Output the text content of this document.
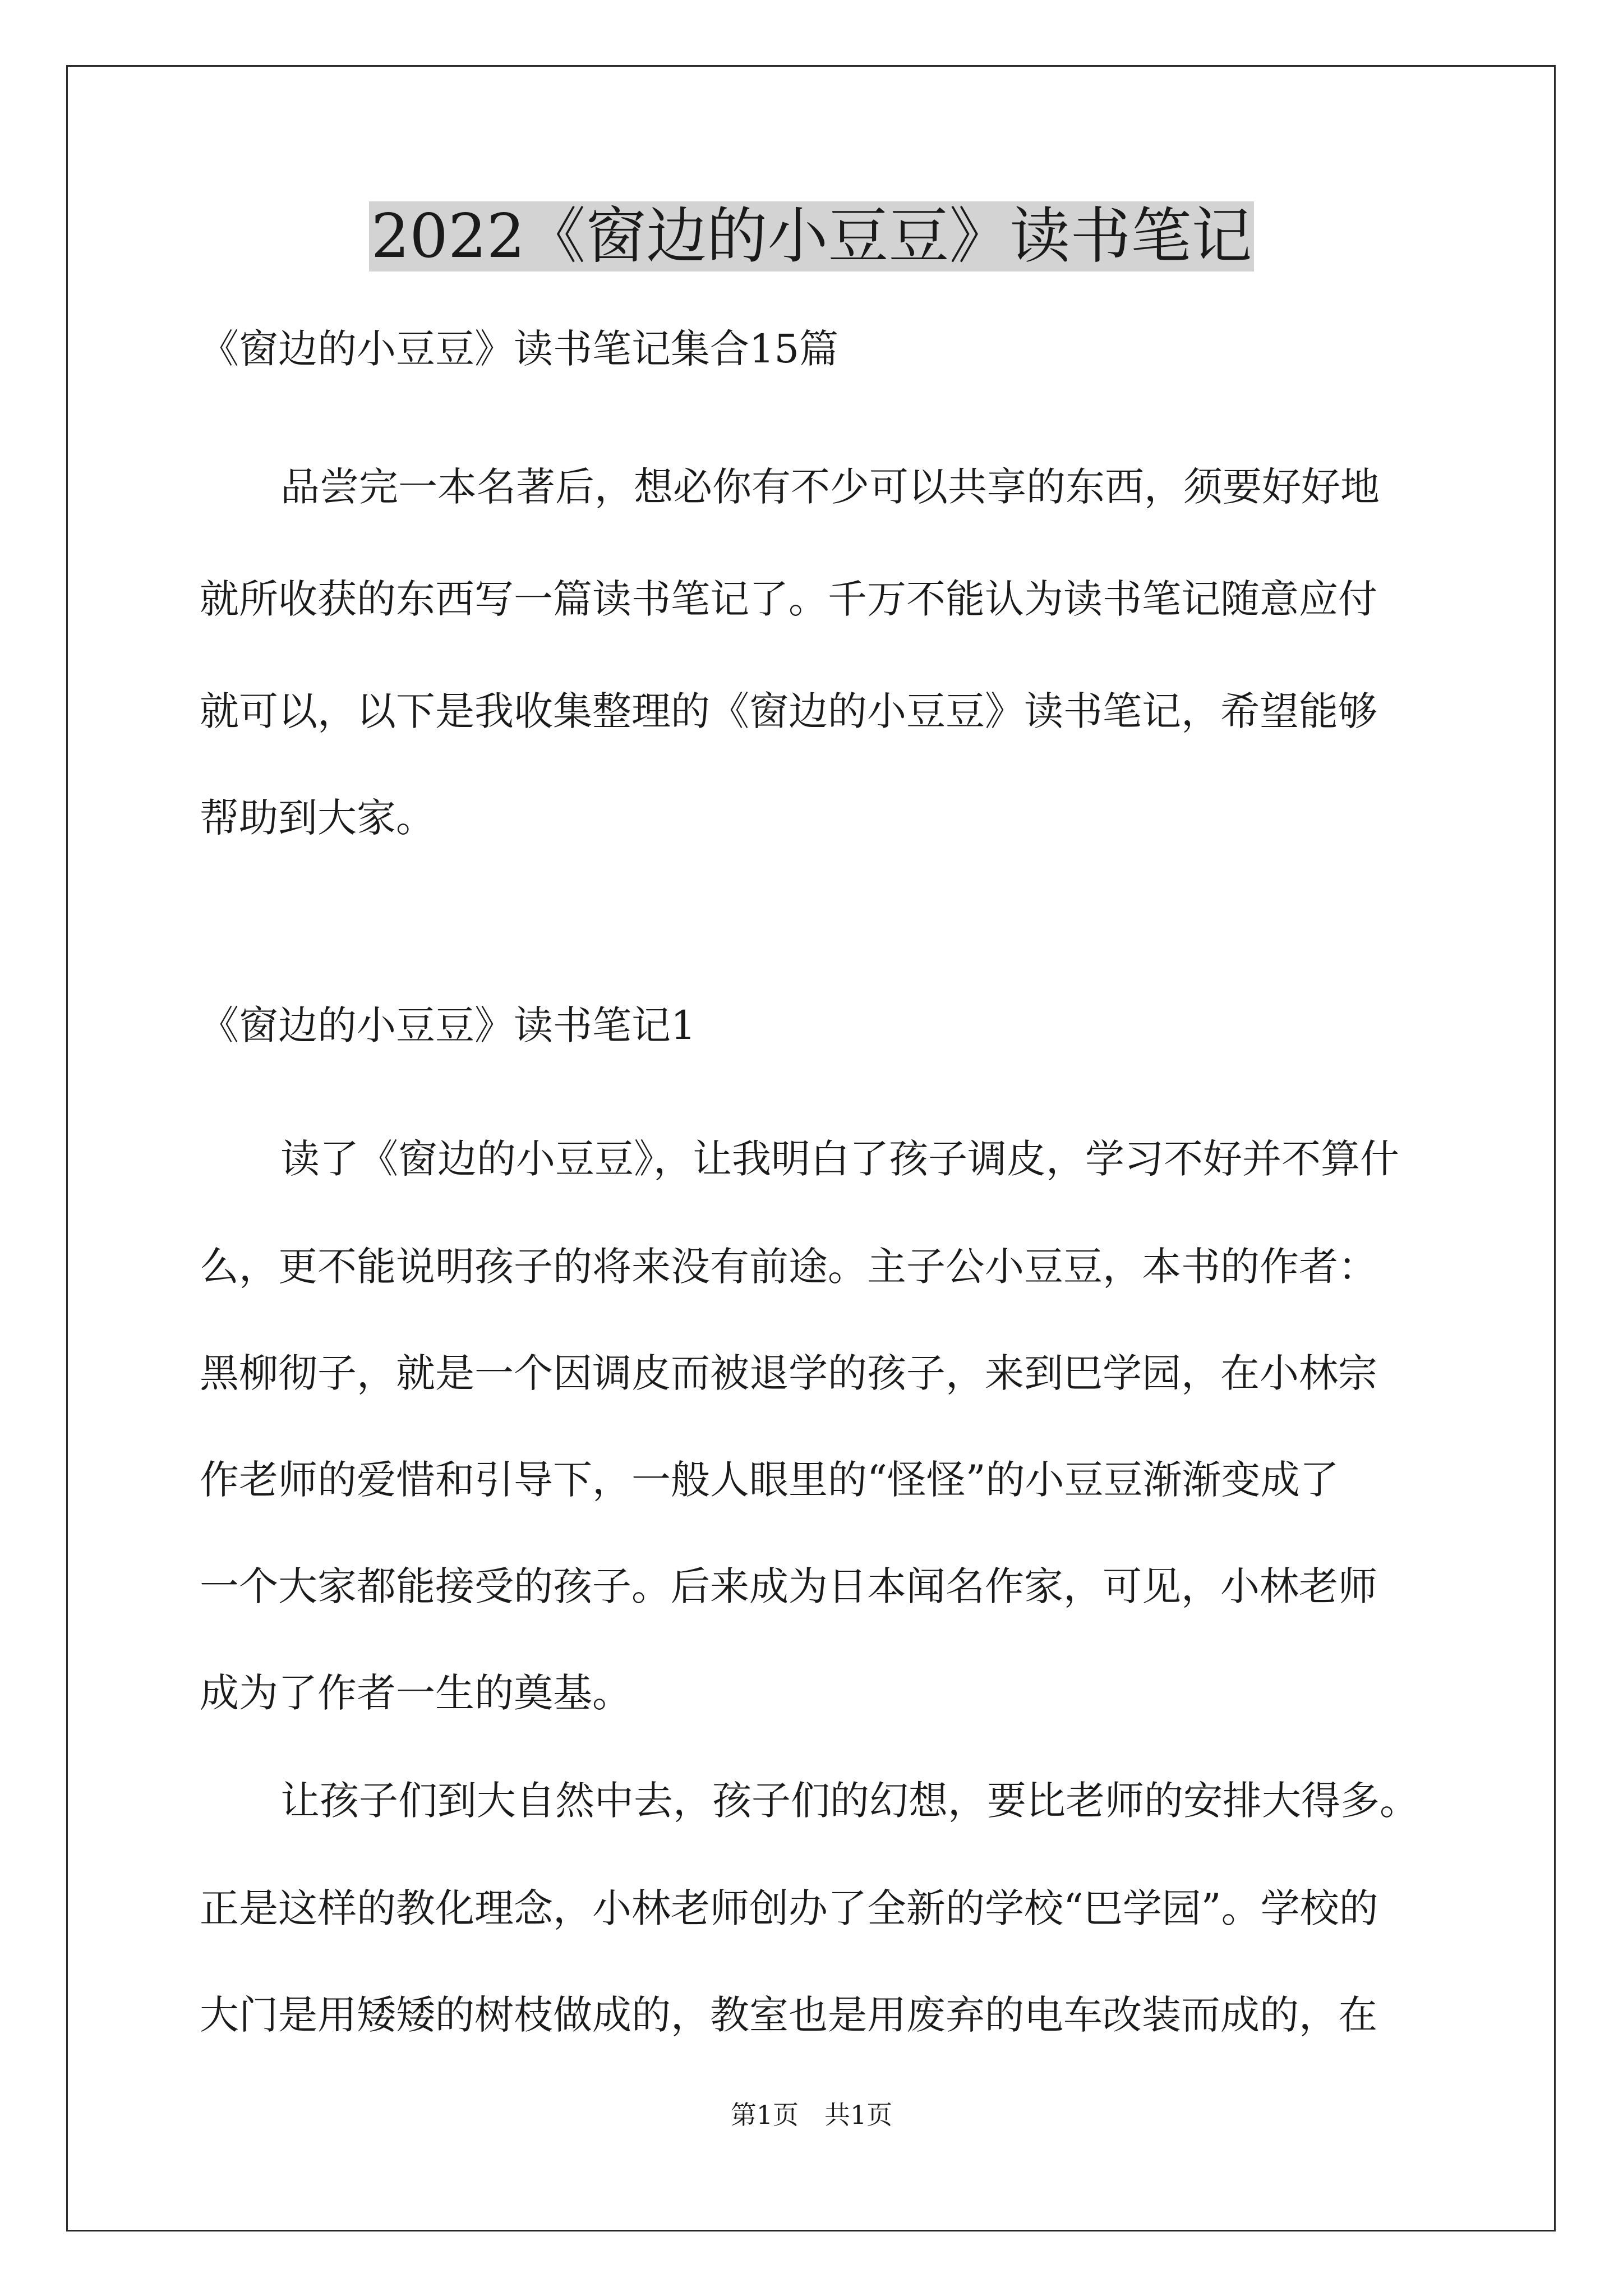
2022《窗边的小豆豆》读书笔记

《窗边的小豆豆》读书笔记集合15篇

品尝完一本名著后，想必你有不少可以共享的东西，须要好好地

就所收获的东西写一篇读书笔记了。千万不能认为读书笔记随意应付

就可以，以下是我收集整理的《窗边的小豆豆》读书笔记，希望能够

帮助到大家。

《窗边的小豆豆》读书笔记1

读了《窗边的小豆豆》，让我明白了孩子调皮，学习不好并不算什

么，更不能说明孩子的将来没有前途。主子公小豆豆，本书的作者：

黑柳彻子，就是一个因调皮而被退学的孩子，来到巴学园，在小林宗

作老师的爱惜和引导下，一般人眼里的“怪怪”的小豆豆渐渐变成了

一个大家都能接受的孩子。后来成为日本闻名作家，可见，小林老师

成为了作者一生的奠基。

让孩子们到大自然中去，孩子们的幻想，要比老师的安排大得多。

正是这样的教化理念，小林老师创办了全新的学校“巴学园”。学校的

大门是用矮矮的树枝做成的，教室也是用废弃的电车改装而成的，在

第1页　共1页
